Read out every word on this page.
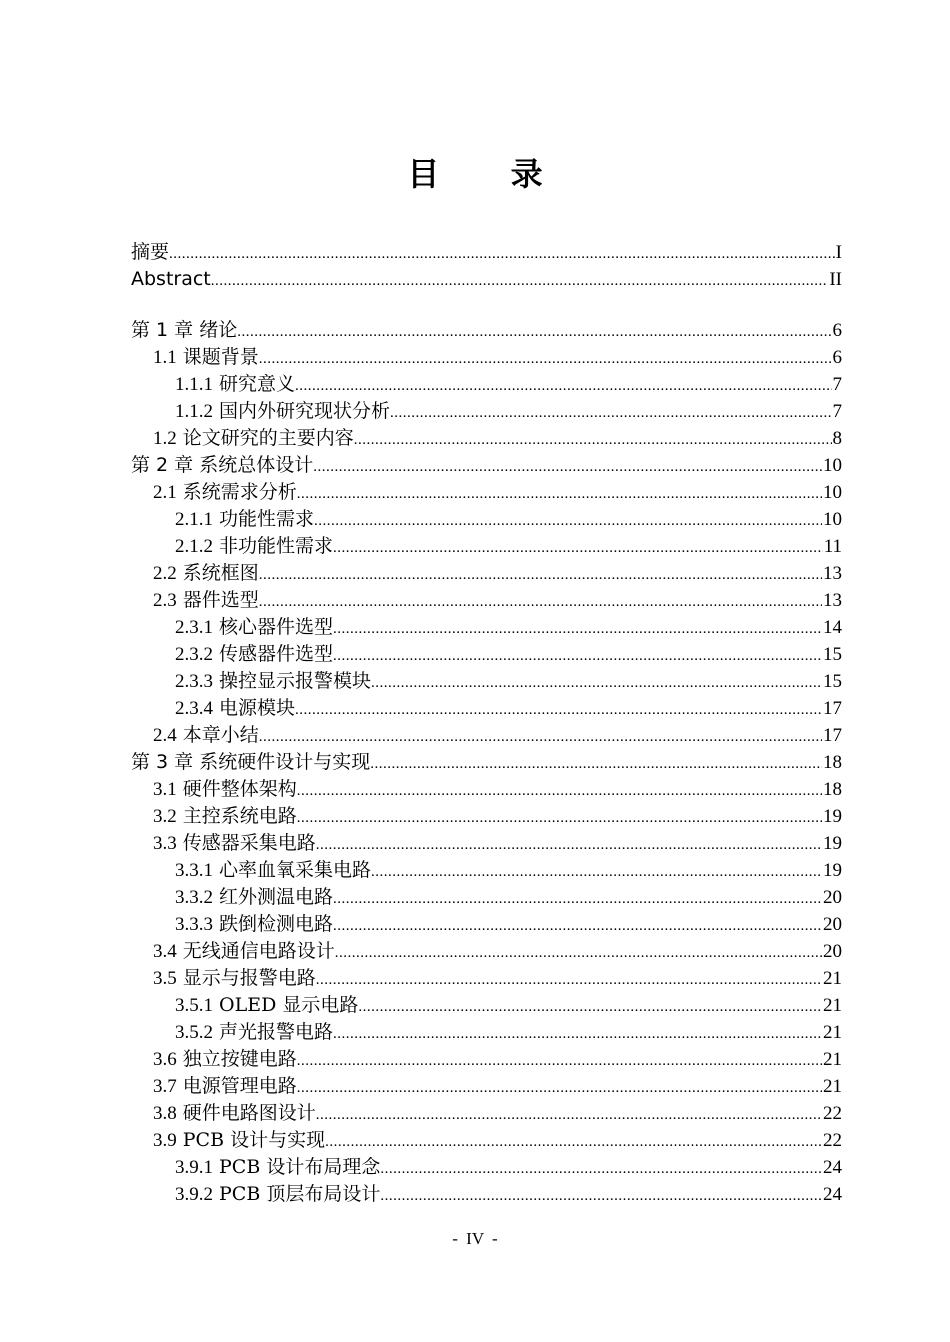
目 录
摘要 .....	I
Abstract .....	II
第 1 章 绪论 .....	6
1.1 课题背景 .....	6
1.1.1 研究意义 .....	7
1.1.2 国内外研究现状分析 .....	7
1.2 论文研究的主要内容 .....	8
第 2 章 系统总体设计 .....	10
2.1 系统需求分析 .....	10
2.1.1 功能性需求 .....	10
2.1.2 非功能性需求 .....	11
2.2 系统框图 .....	13
2.3 器件选型 .....	13
2.3.1 核心器件选型 .....	14
2.3.2 传感器件选型 .....	15
2.3.3 操控显示报警模块 .....	15
2.3.4 电源模块 .....	17
2.4 本章小结 .....	17
第 3 章 系统硬件设计与实现 .....	18
3.1 硬件整体架构 .....	18
3.2 主控系统电路 .....	19
3.3 传感器采集电路 .....	19
3.3.1 心率血氧采集电路 .....	19
3.3.2 红外测温电路 .....	20
3.3.3 跌倒检测电路 .....	20
3.4 无线通信电路设计 .....	20
3.5 显示与报警电路 .....	21
3.5.1 OLED 显示电路 .....	21
3.5.2 声光报警电路 .....	21
3.6 独立按键电路 .....	21
3.7 电源管理电路 .....	21
3.8 硬件电路图设计 .....	22
3.9 PCB 设计与实现 .....	22
3.9.1 PCB 设计布局理念 .....	24
3.9.2 PCB 顶层布局设计 .....	24
- IV -
